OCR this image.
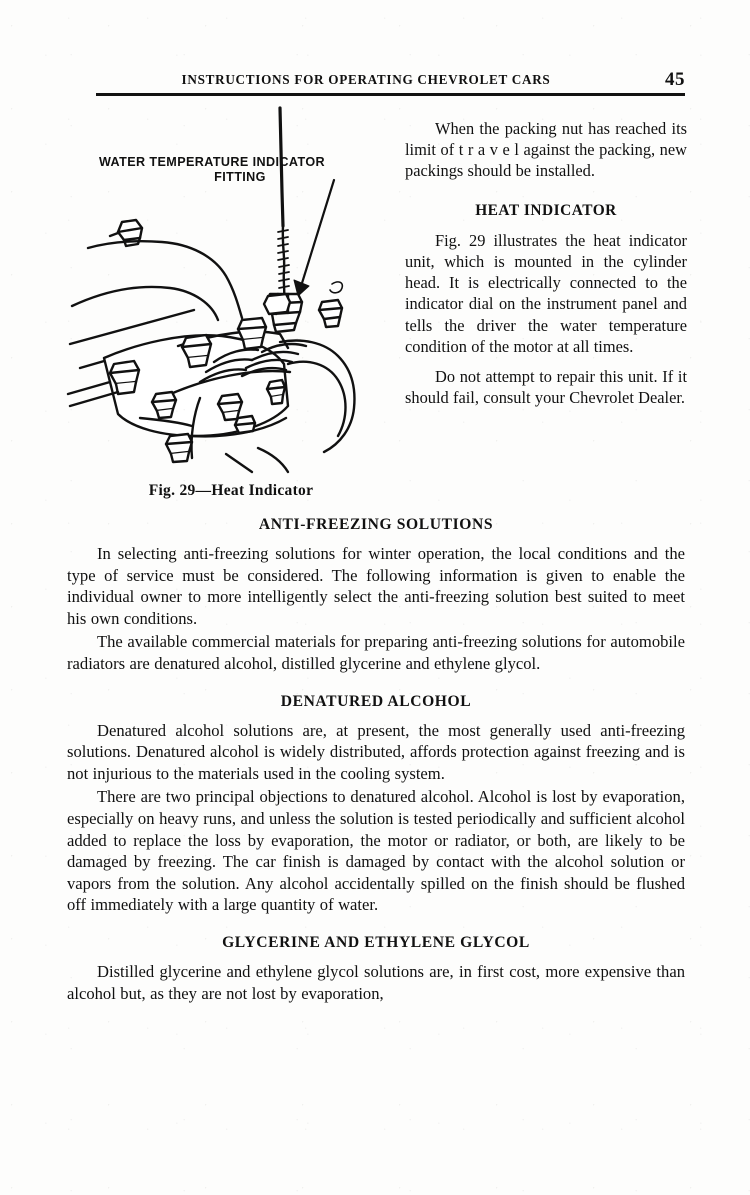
INSTRUCTIONS FOR OPERATING CHEVROLET CARS	45
WATER TEMPERATURE INDICATOR
FITTING
Fig. 29—Heat Indicator

When the packing nut has reached its limit of t r a v e l against the packing, new packings should be installed.

HEAT INDICATOR

Fig. 29 illustrates the heat indicator unit, which is mounted in the cylinder head. It is electrically connected to the indicator dial on the instrument panel and tells the driver the water temperature condition of the motor at all times.

Do not attempt to repair this unit. If it should fail, consult your Chevrolet Dealer.

ANTI-FREEZING SOLUTIONS

In selecting anti-freezing solutions for winter operation, the local conditions and the type of service must be considered. The following information is given to enable the individual owner to more intelligently select the anti-freezing solution best suited to meet his own conditions.

The available commercial materials for preparing anti-freezing solutions for automobile radiators are denatured alcohol, distilled glycerine and ethylene glycol.

DENATURED ALCOHOL

Denatured alcohol solutions are, at present, the most generally used anti-freezing solutions. Denatured alcohol is widely distributed, affords protection against freezing and is not injurious to the materials used in the cooling system.

There are two principal objections to denatured alcohol. Alcohol is lost by evaporation, especially on heavy runs, and unless the solution is tested periodically and sufficient alcohol added to replace the loss by evaporation, the motor or radiator, or both, are likely to be damaged by freezing. The car finish is damaged by contact with the alcohol solution or vapors from the solution. Any alcohol accidentally spilled on the finish should be flushed off immediately with a large quantity of water.

GLYCERINE AND ETHYLENE GLYCOL

Distilled glycerine and ethylene glycol solutions are, in first cost, more expensive than alcohol but, as they are not lost by evaporation,
